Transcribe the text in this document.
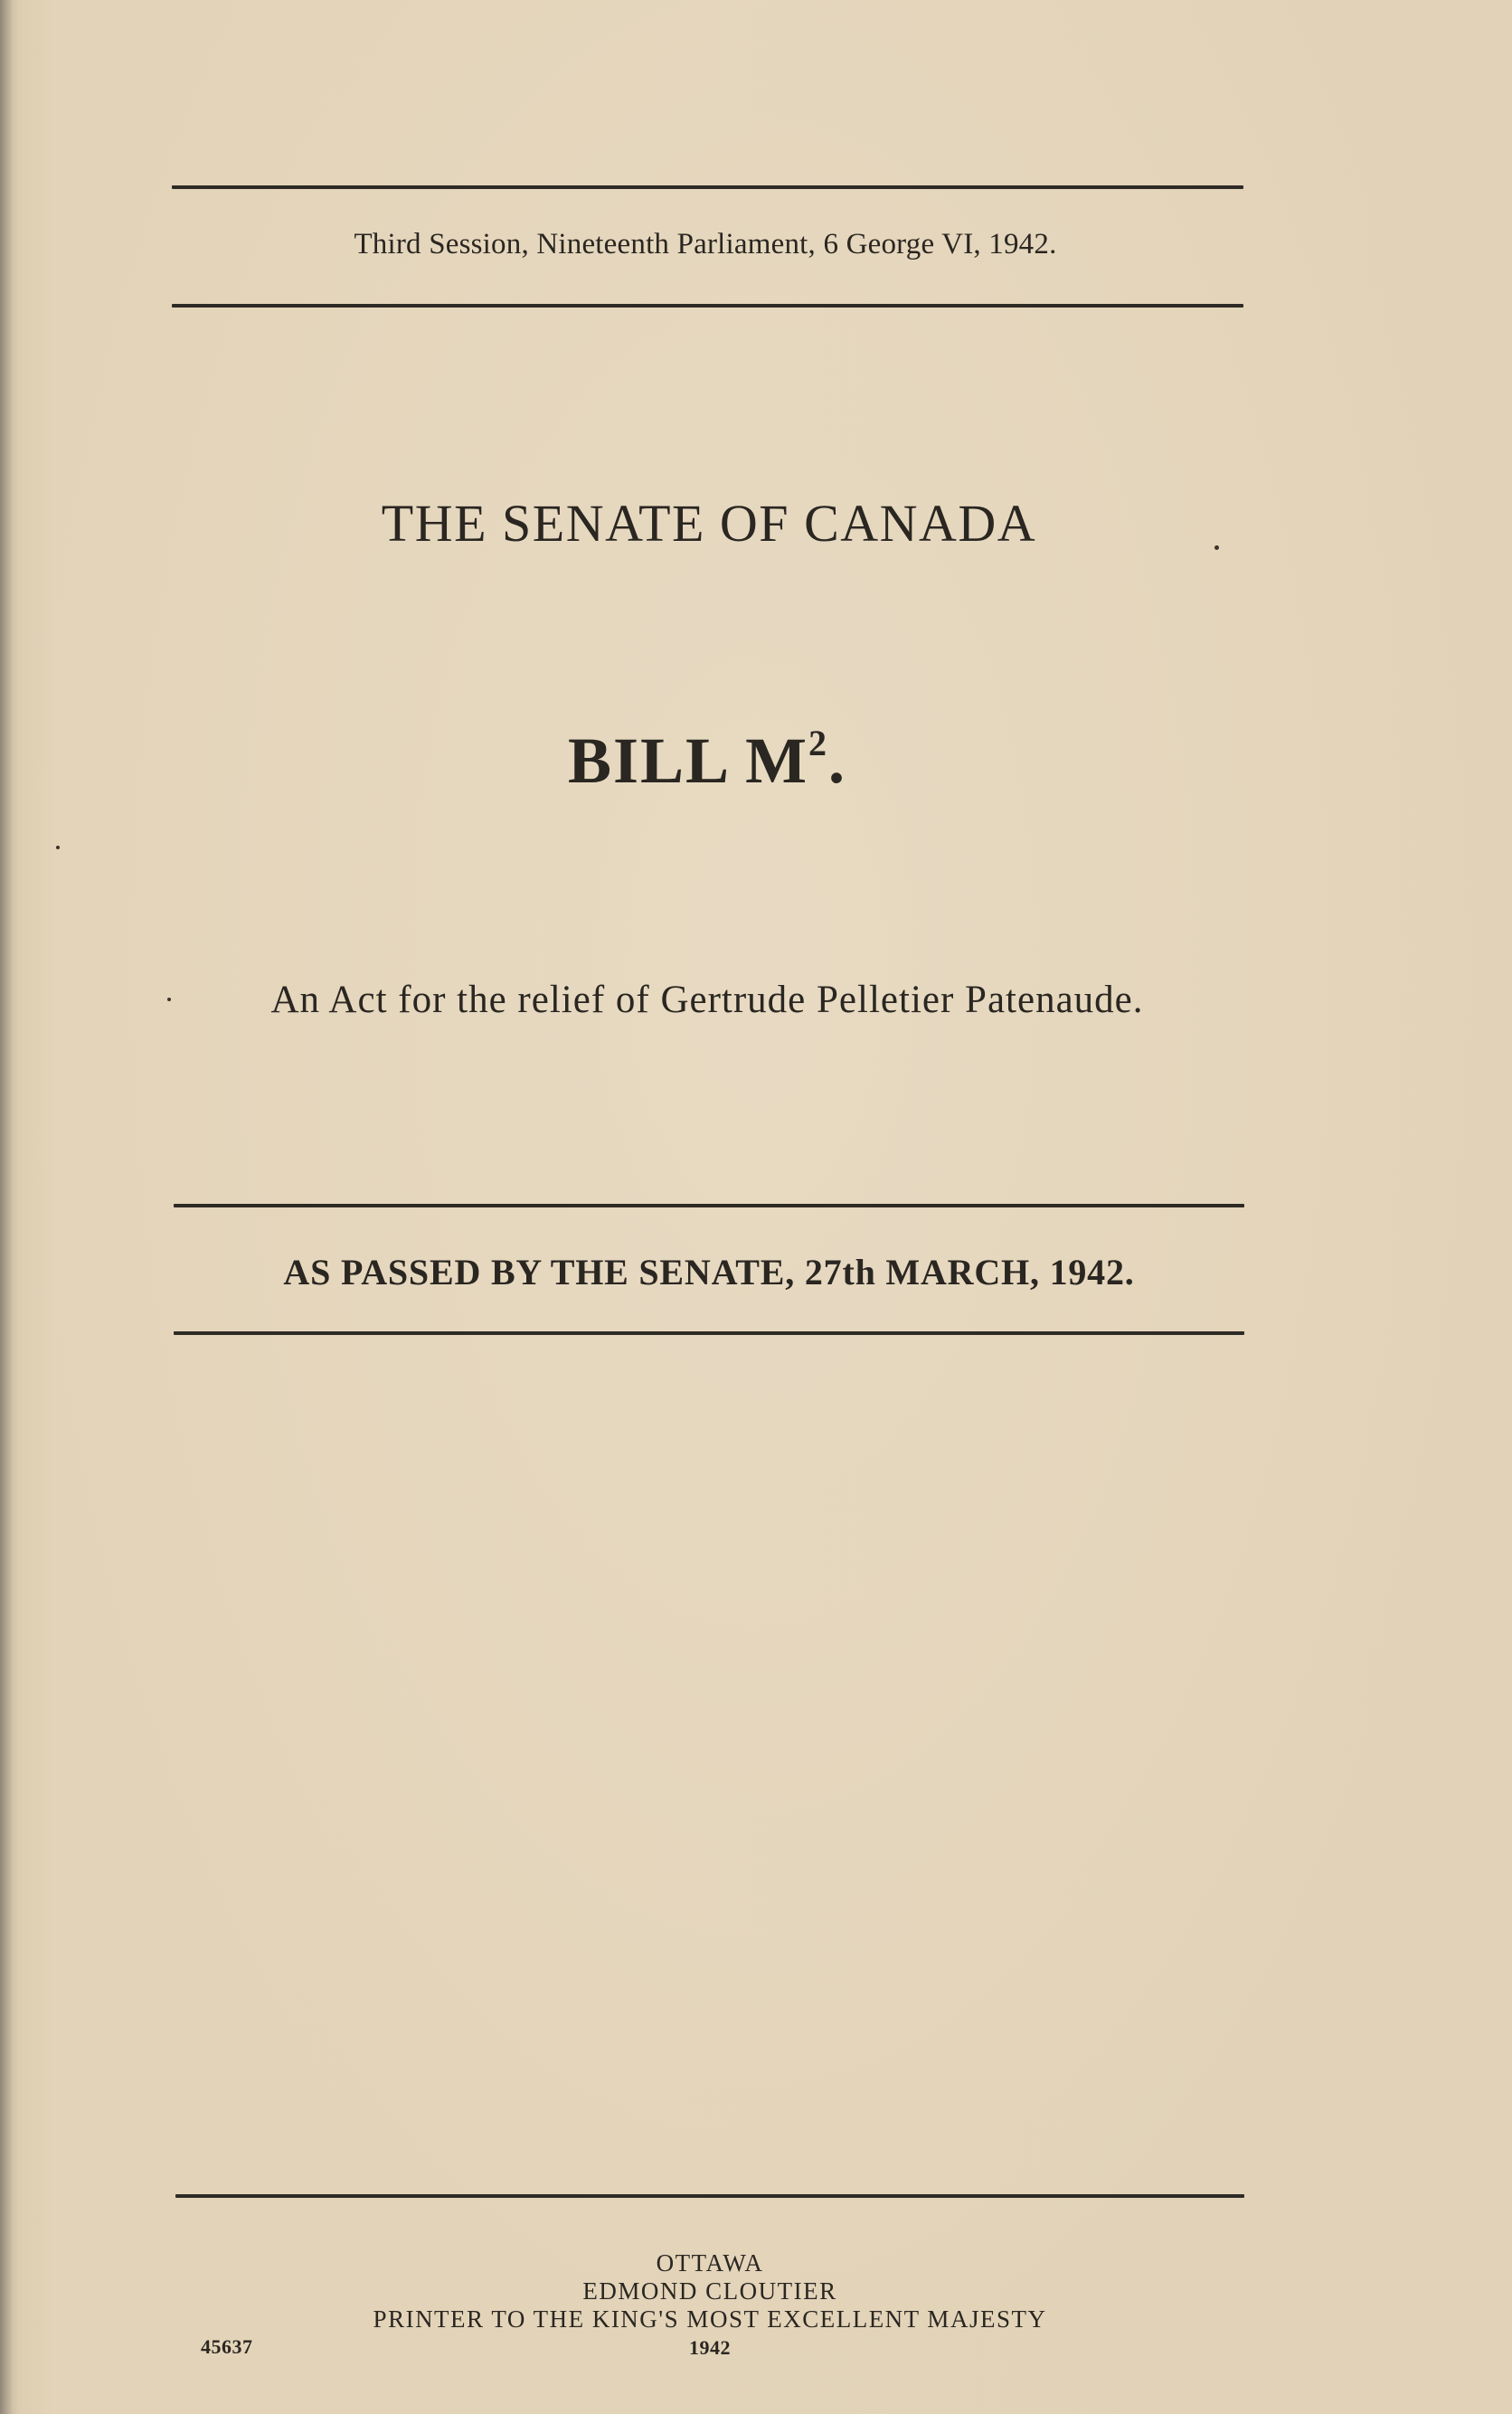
Third Session, Nineteenth Parliament, 6 George VI, 1942.
THE SENATE OF CANADA
BILL $M^2$.
An Act for the relief of Gertrude Pelletier Patenaude.
AS PASSED BY THE SENATE, 27th MARCH, 1942.
OTTAWA
EDMOND CLOUTIER
PRINTER TO THE KING'S MOST EXCELLENT MAJESTY
1942
45637
